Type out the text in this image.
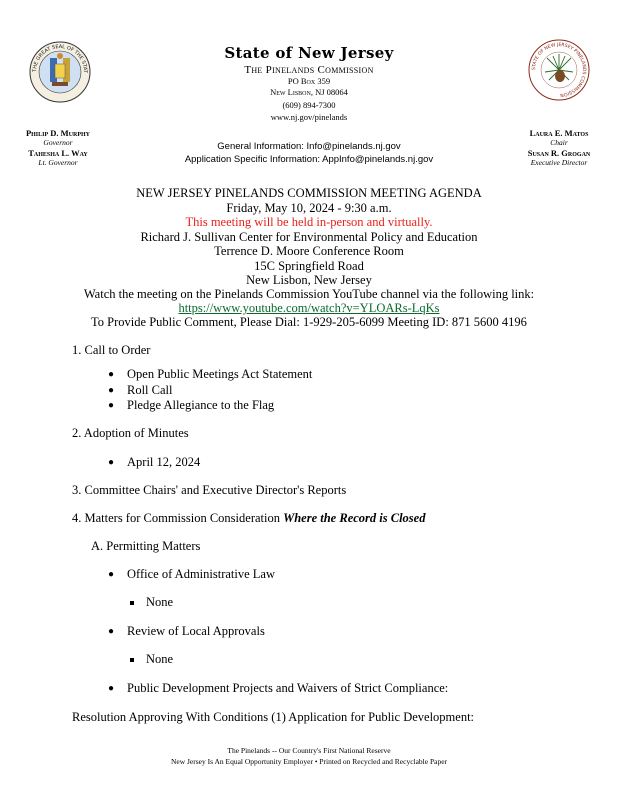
THE GREAT SEAL OF THE STAT
STATE OF NEW JERSEY PINELANDS COMMISSION
State of New Jersey
The Pinelands Commission
PO Box 359
New Lisbon, NJ 08064
(609) 894-7300
www.nj.gov/pinelands
Philip D. Murphy
Governor
Tahesha L. Way
Lt. Governor
Laura E. Matos
Chair
Susan R. Grogan
Executive Director
General Information: Info@pinelands.nj.gov
Application Specific Information: AppInfo@pinelands.nj.gov
NEW JERSEY PINELANDS COMMISSION MEETING AGENDA
Friday, May 10, 2024 - 9:30 a.m.
This meeting will be held in-person and virtually.
Richard J. Sullivan Center for Environmental Policy and Education
Terrence D. Moore Conference Room
15C Springfield Road
New Lisbon, New Jersey
Watch the meeting on the Pinelands Commission YouTube channel via the following link:
https://www.youtube.com/watch?v=YLOARs-LqKs
To Provide Public Comment, Please Dial: 1-929-205-6099 Meeting ID: 871 5600 4196
1. Call to Order
● Open Public Meetings Act Statement
● Roll Call
● Pledge Allegiance to the Flag
2. Adoption of Minutes
● April 12, 2024
3. Committee Chairs' and Executive Director's Reports
4. Matters for Commission Consideration Where the Record is Closed
A. Permitting Matters
● Office of Administrative Law
None
● Review of Local Approvals
None
● Public Development Projects and Waivers of Strict Compliance:
Resolution Approving With Conditions (1) Application for Public Development:
The Pinelands -- Our Country's First National Reserve
New Jersey Is An Equal Opportunity Employer • Printed on Recycled and Recyclable Paper
